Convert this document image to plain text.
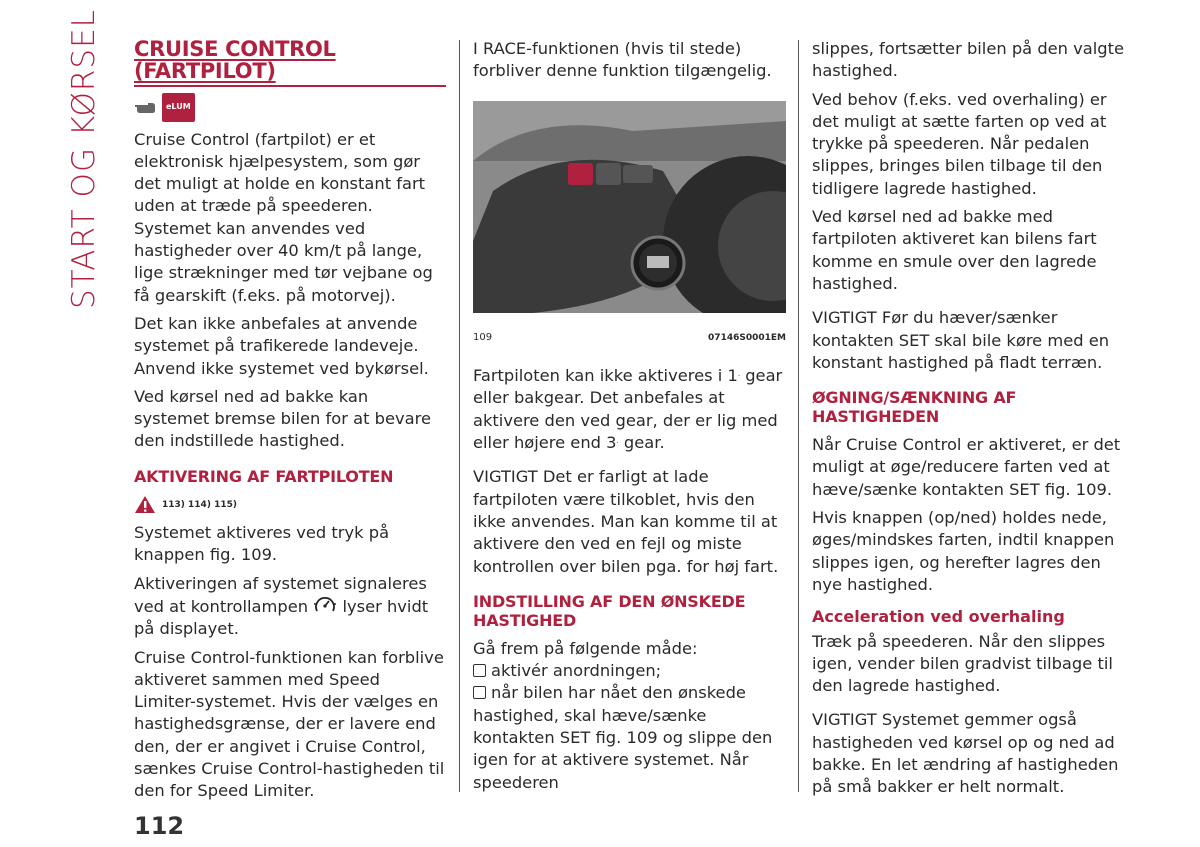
START OG KØRSEL CRUISE CONTROL (FARTPILOT)
eLUM

Cruise Control (fartpilot) er et elektronisk hjælpesystem, som gør det muligt at holde en konstant fart uden at træde på speederen. Systemet kan anvendes ved hastigheder over 40 km/t på lange, lige strækninger med tør vejbane og få gearskift (f.eks. på motorvej).

Det kan ikke anbefales at anvende systemet på trafikerede landeveje. Anvend ikke systemet ved bykørsel.

Ved kørsel ned ad bakke kan systemet bremse bilen for at bevare den indstillede hastighed.

AKTIVERING AF FARTPILOTEN
113) 114) 115)

Systemet aktiveres ved tryk på knappen fig. 109.

Aktiveringen af systemet signaleres ved at kontrollampen lyser hvidt på displayet.

Cruise Control-funktionen kan forblive aktiveret sammen med Speed Limiter-systemet. Hvis der vælges en hastighedsgrænse, der er lavere end den, der er angivet i Cruise Control, sænkes Cruise Control-hastigheden til den for Speed Limiter.

I RACE-funktionen (hvis til stede) forbliver denne funktion tilgængelig.

109	07146S0001EM

Fartpiloten kan ikke aktiveres i 1. gear eller bakgear. Det anbefales at aktivere den ved gear, der er lig med eller højere end 3. gear.

VIGTIGT Det er farligt at lade fartpiloten være tilkoblet, hvis den ikke anvendes. Man kan komme til at aktivere den ved en fejl og miste kontrollen over bilen pga. for høj fart.

INDSTILLING AF DEN ØNSKEDE HASTIGHED

Gå frem på følgende måde:

aktivér anordningen;
når bilen har nået den ønskede hastighed, skal hæve/sænke kontakten SET fig. 109 og slippe den igen for at aktivere systemet. Når speederen

slippes, fortsætter bilen på den valgte hastighed.

Ved behov (f.eks. ved overhaling) er det muligt at sætte farten op ved at trykke på speederen. Når pedalen slippes, bringes bilen tilbage til den tidligere lagrede hastighed.

Ved kørsel ned ad bakke med fartpiloten aktiveret kan bilens fart komme en smule over den lagrede hastighed.

VIGTIGT Før du hæver/sænker kontakten SET skal bile køre med en konstant hastighed på fladt terræn.

ØGNING/SÆNKNING AF HASTIGHEDEN

Når Cruise Control er aktiveret, er det muligt at øge/reducere farten ved at hæve/sænke kontakten SET fig. 109.

Hvis knappen (op/ned) holdes nede, øges/mindskes farten, indtil knappen slippes igen, og herefter lagres den nye hastighed.

Acceleration ved overhaling

Træk på speederen. Når den slippes igen, vender bilen gradvist tilbage til den lagrede hastighed.

VIGTIGT Systemet gemmer også hastigheden ved kørsel op og ned ad bakke. En let ændring af hastigheden på små bakker er helt normalt.

112
